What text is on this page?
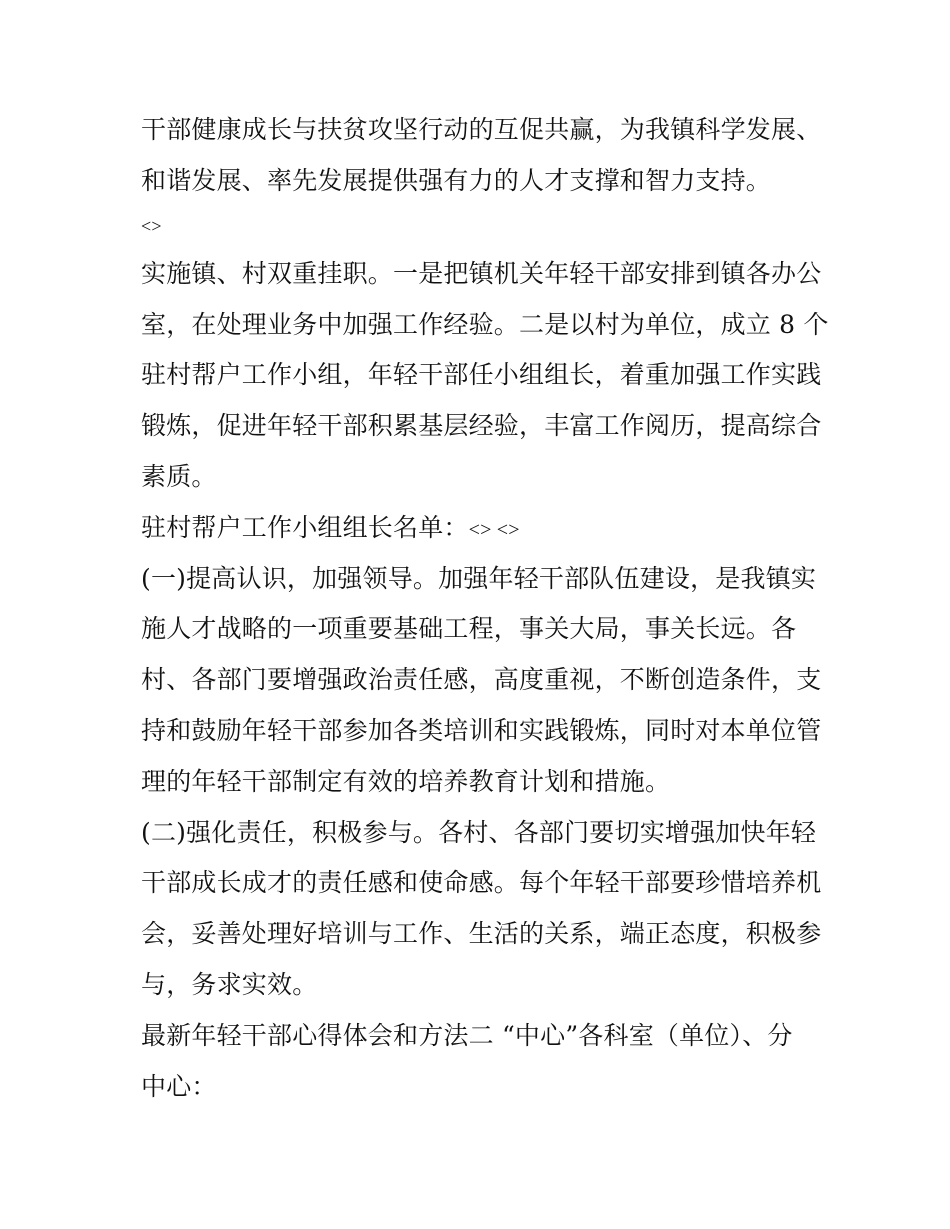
干部健康成长与扶贫攻坚行动的互促共赢，为我镇科学发展、
和谐发展、率先发展提供强有力的人才支撑和智力支持。
<>
实施镇、村双重挂职。一是把镇机关年轻干部安排到镇各办公
室，在处理业务中加强工作经验。二是以村为单位，成立 8 个
驻村帮户工作小组，年轻干部任小组组长，着重加强工作实践
锻炼，促进年轻干部积累基层经验，丰富工作阅历，提高综合
素质。
驻村帮户工作小组组长名单：<> <>
(一)提高认识，加强领导。加强年轻干部队伍建设，是我镇实
施人才战略的一项重要基础工程，事关大局，事关长远。各
村、各部门要增强政治责任感，高度重视，不断创造条件，支
持和鼓励年轻干部参加各类培训和实践锻炼，同时对本单位管
理的年轻干部制定有效的培养教育计划和措施。
(二)强化责任，积极参与。各村、各部门要切实增强加快年轻
干部成长成才的责任感和使命感。每个年轻干部要珍惜培养机
会，妥善处理好培训与工作、生活的关系，端正态度，积极参
与，务求实效。
最新年轻干部心得体会和方法二 “中心”各科室（单位）、分
中心：
